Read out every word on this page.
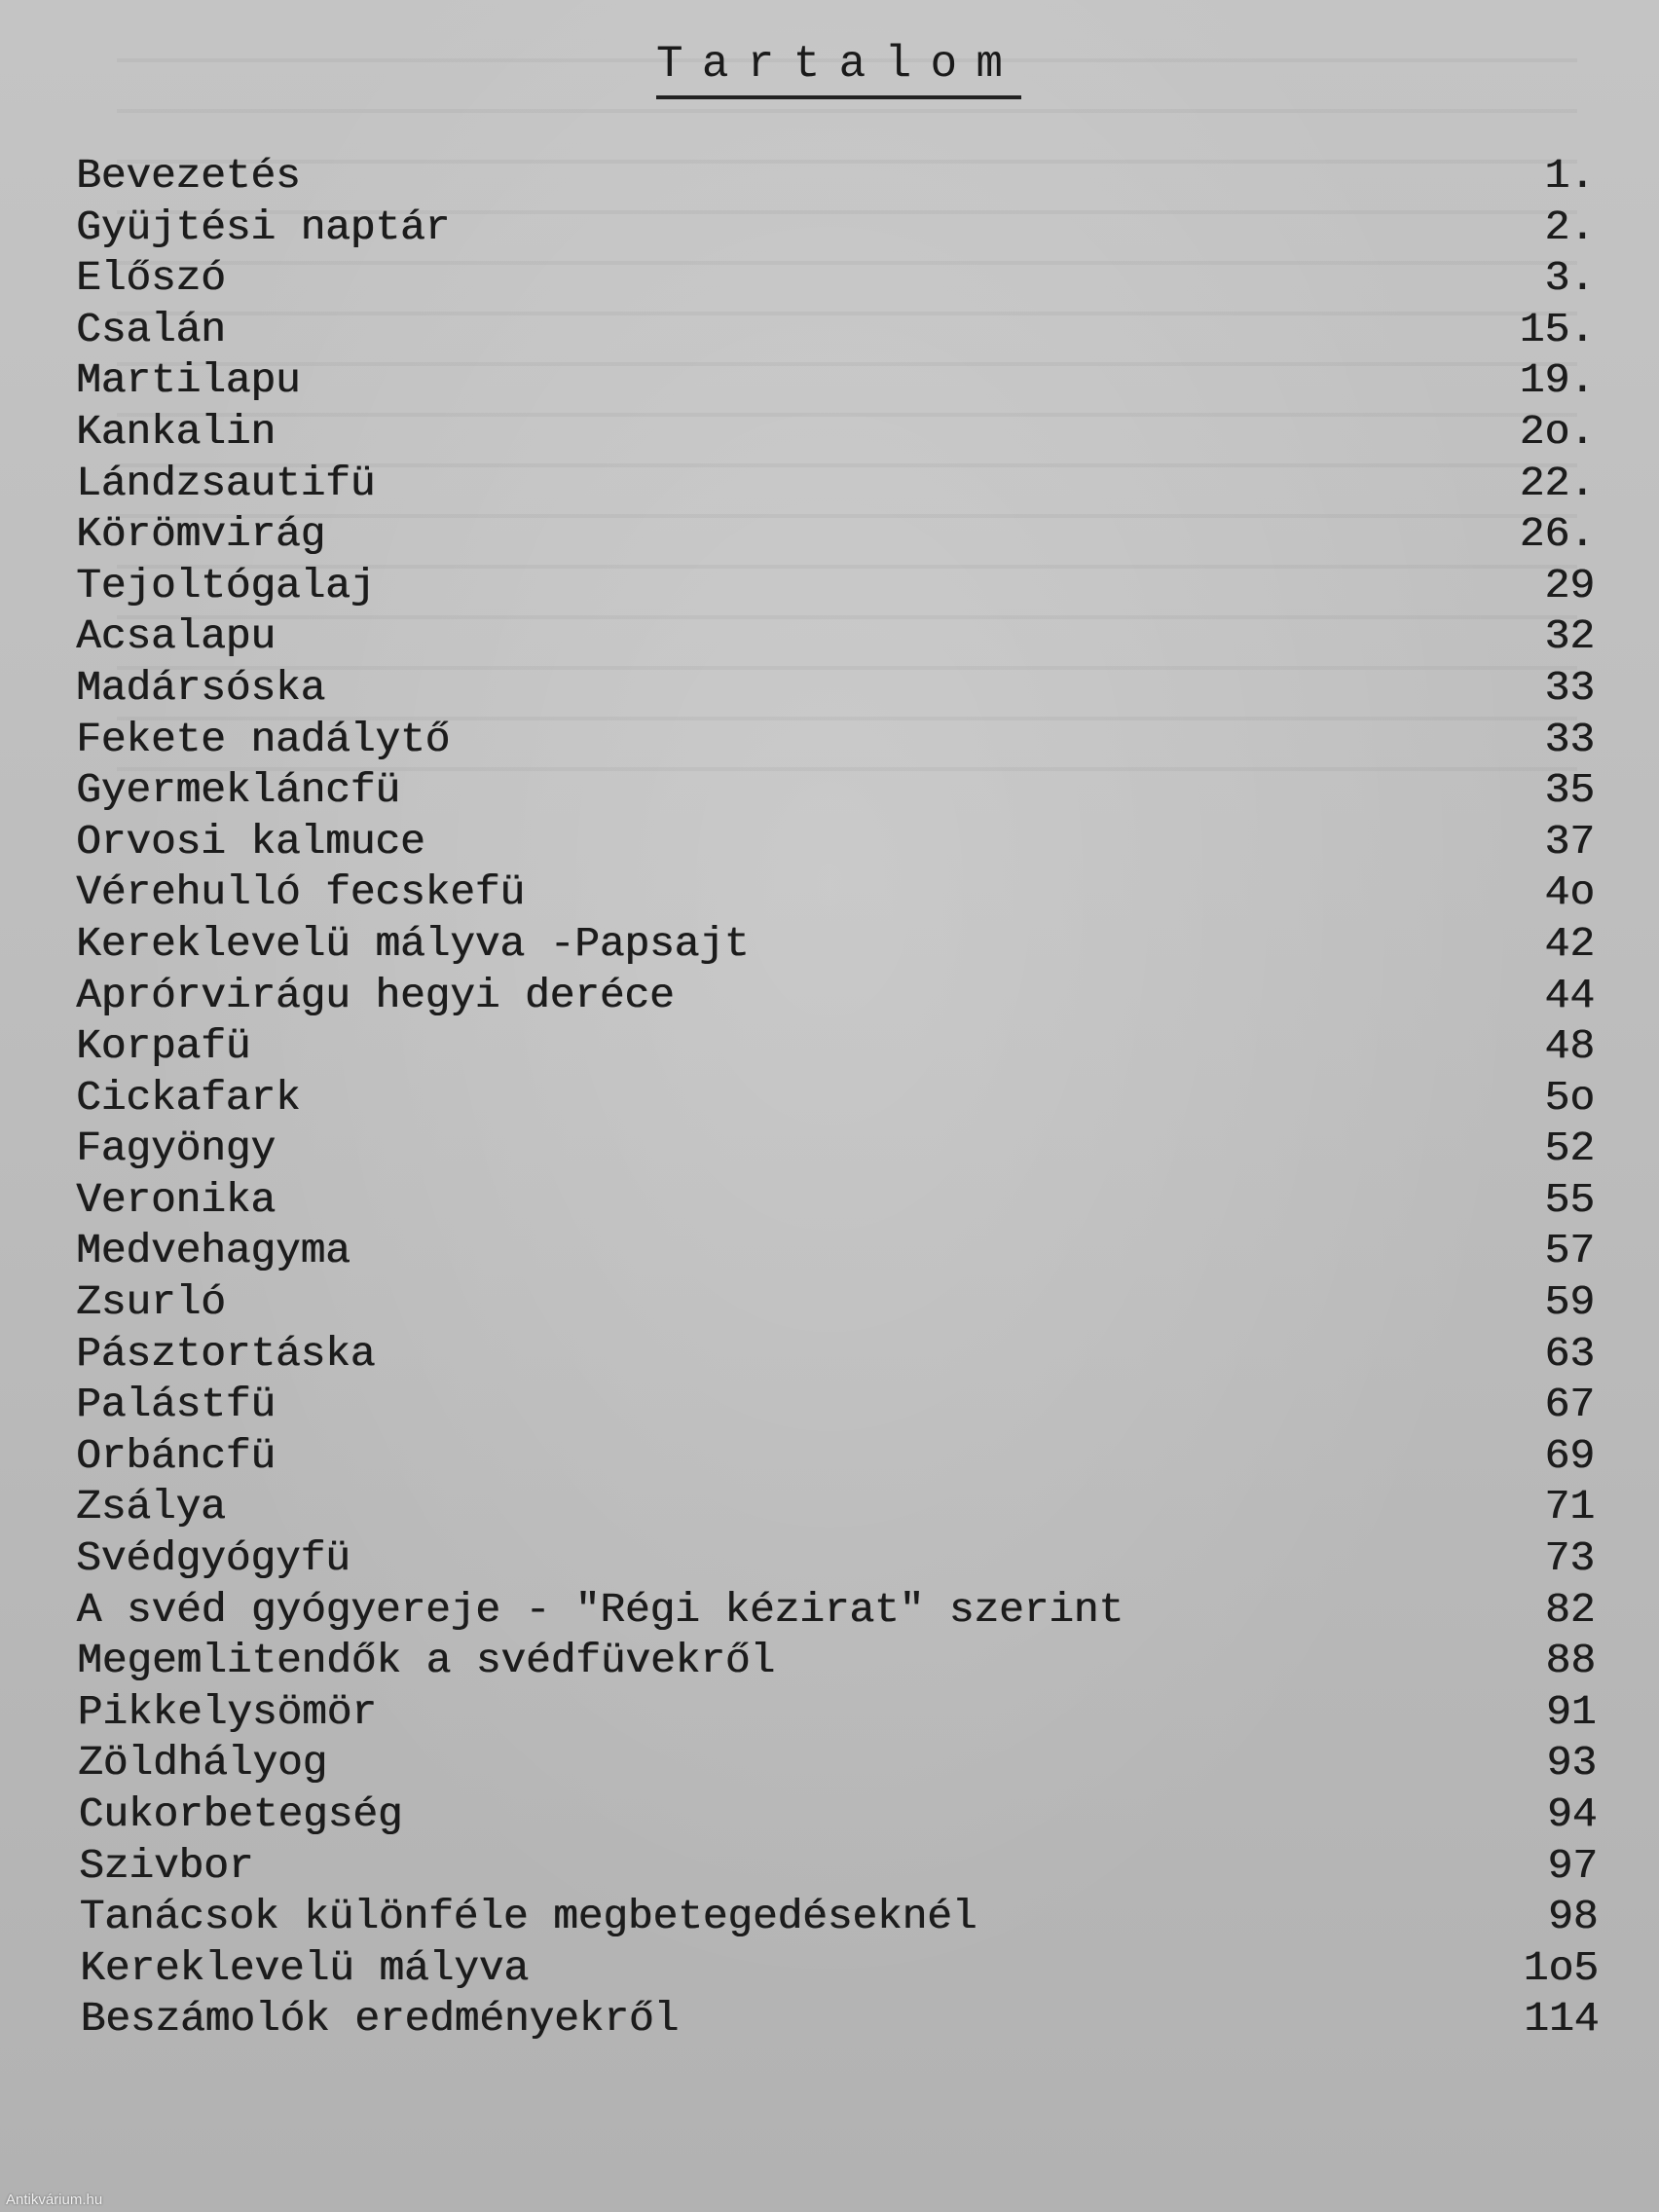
Tartalom
Bevezetés	1.
Gyüjtési naptár	2.
Előszó	3.
Csalán	15.
Martilapu	19.
Kankalin	2o.
Lándzsautifü	22.
Körömvirág	26.
Tejoltógalaj	29
Acsalapu	32
Madársóska	33
Fekete nadálytő	33
Gyermekláncfü	35
Orvosi kalmuce	37
Vérehulló fecskefü	4o
Kereklevelü mályva -Papsajt	42
Aprórvirágu hegyi deréce	44
Korpafü	48
Cickafark	5o
Fagyöngy	52
Veronika	55
Medvehagyma	57
Zsurló	59
Pásztortáska	63
Palástfü	67
Orbáncfü	69
Zsálya	71
Svédgyógyfü	73
A svéd gyógyereje - "Régi kézirat" szerint	82
Megemlitendők a svédfüvekről	88
Pikkelysömör	91
Zöldhályog	93
Cukorbetegség	94
Szivbor	97
Tanácsok különféle megbetegedéseknél	98
Kereklevelü mályva	1o5
Beszámolók eredményekről	114
Antikvárium.hu
